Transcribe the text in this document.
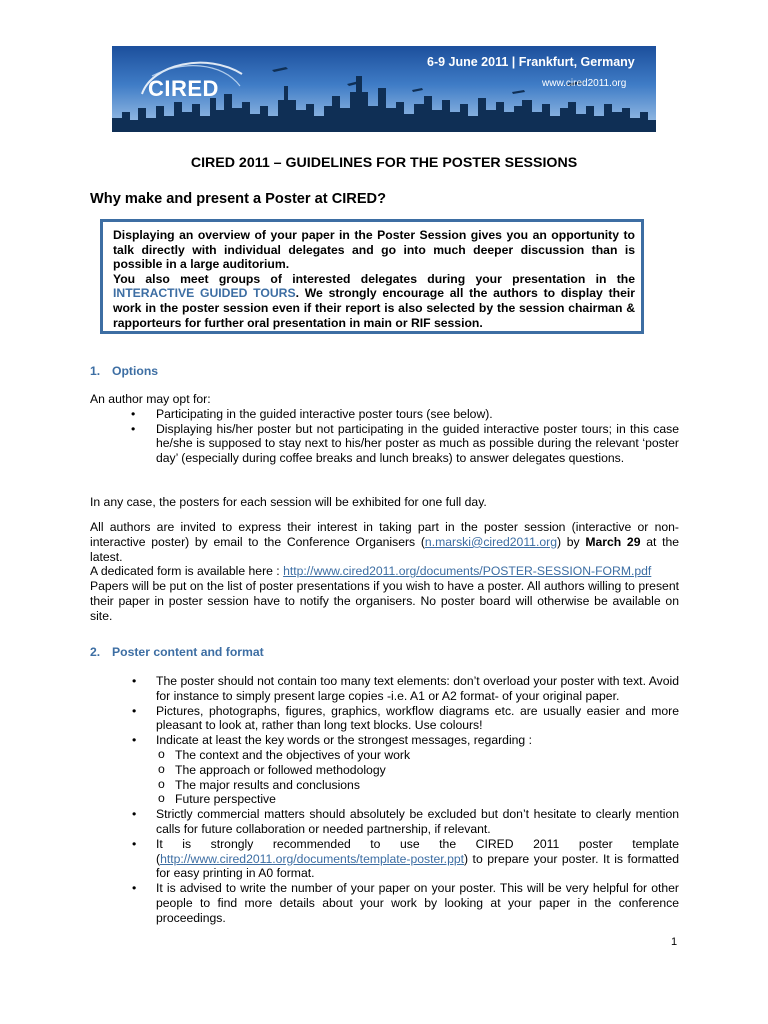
CIRED
6-9 June 2011 | Frankfurt, Germany
www.cired2011.org
CIRED 2011 – GUIDELINES FOR THE POSTER SESSIONS
Why make and present a Poster at CIRED?

Displaying an overview of your paper in the Poster Session gives you an opportunity to talk directly with individual delegates and go into much deeper discussion than is possible in a large auditorium.

You also meet groups of interested delegates during your presentation in the INTERACTIVE GUIDED TOURS. We strongly encourage all the authors to display their work in the poster session even if their report is also selected by the session chairman & rapporteurs for further oral presentation in main or RIF session.

1. Options

An author may opt for:

• Participating in the guided interactive poster tours (see below).
• Displaying his/her poster but not participating in the guided interactive poster tours; in this case he/she is supposed to stay next to his/her poster as much as possible during the relevant ‘poster day’ (especially during coffee breaks and lunch breaks) to answer delegates questions.

In any case, the posters for each session will be exhibited for one full day.

All authors are invited to express their interest in taking part in the poster session (interactive or non-interactive poster) by email to the Conference Organisers (n.marski@cired2011.org) by March 29 at the latest.

A dedicated form is available here : http://www.cired2011.org/documents/POSTER-SESSION-FORM.pdf

Papers will be put on the list of poster presentations if you wish to have a poster. All authors willing to present their paper in poster session have to notify the organisers. No poster board will otherwise be available on site.

2. Poster content and format
• The poster should not contain too many text elements: don’t overload your poster with text. Avoid for instance to simply present large copies -i.e. A1 or A2 format- of your original paper.
• Pictures, photographs, figures, graphics, workflow diagrams etc. are usually easier and more pleasant to look at, rather than long text blocks. Use colours!
• Indicate at least the key words or the strongest messages, regarding :
o The context and the objectives of your work
o The approach or followed methodology
o The major results and conclusions
o Future perspective
• Strictly commercial matters should absolutely be excluded but don’t hesitate to clearly mention calls for future collaboration or needed partnership, if relevant.
• It is strongly recommended to use the CIRED 2011 poster template (http://www.cired2011.org/documents/template-poster.ppt) to prepare your poster. It is formatted for easy printing in A0 format.
• It is advised to write the number of your paper on your poster. This will be very helpful for other people to find more details about your work by looking at your paper in the conference proceedings.
1
